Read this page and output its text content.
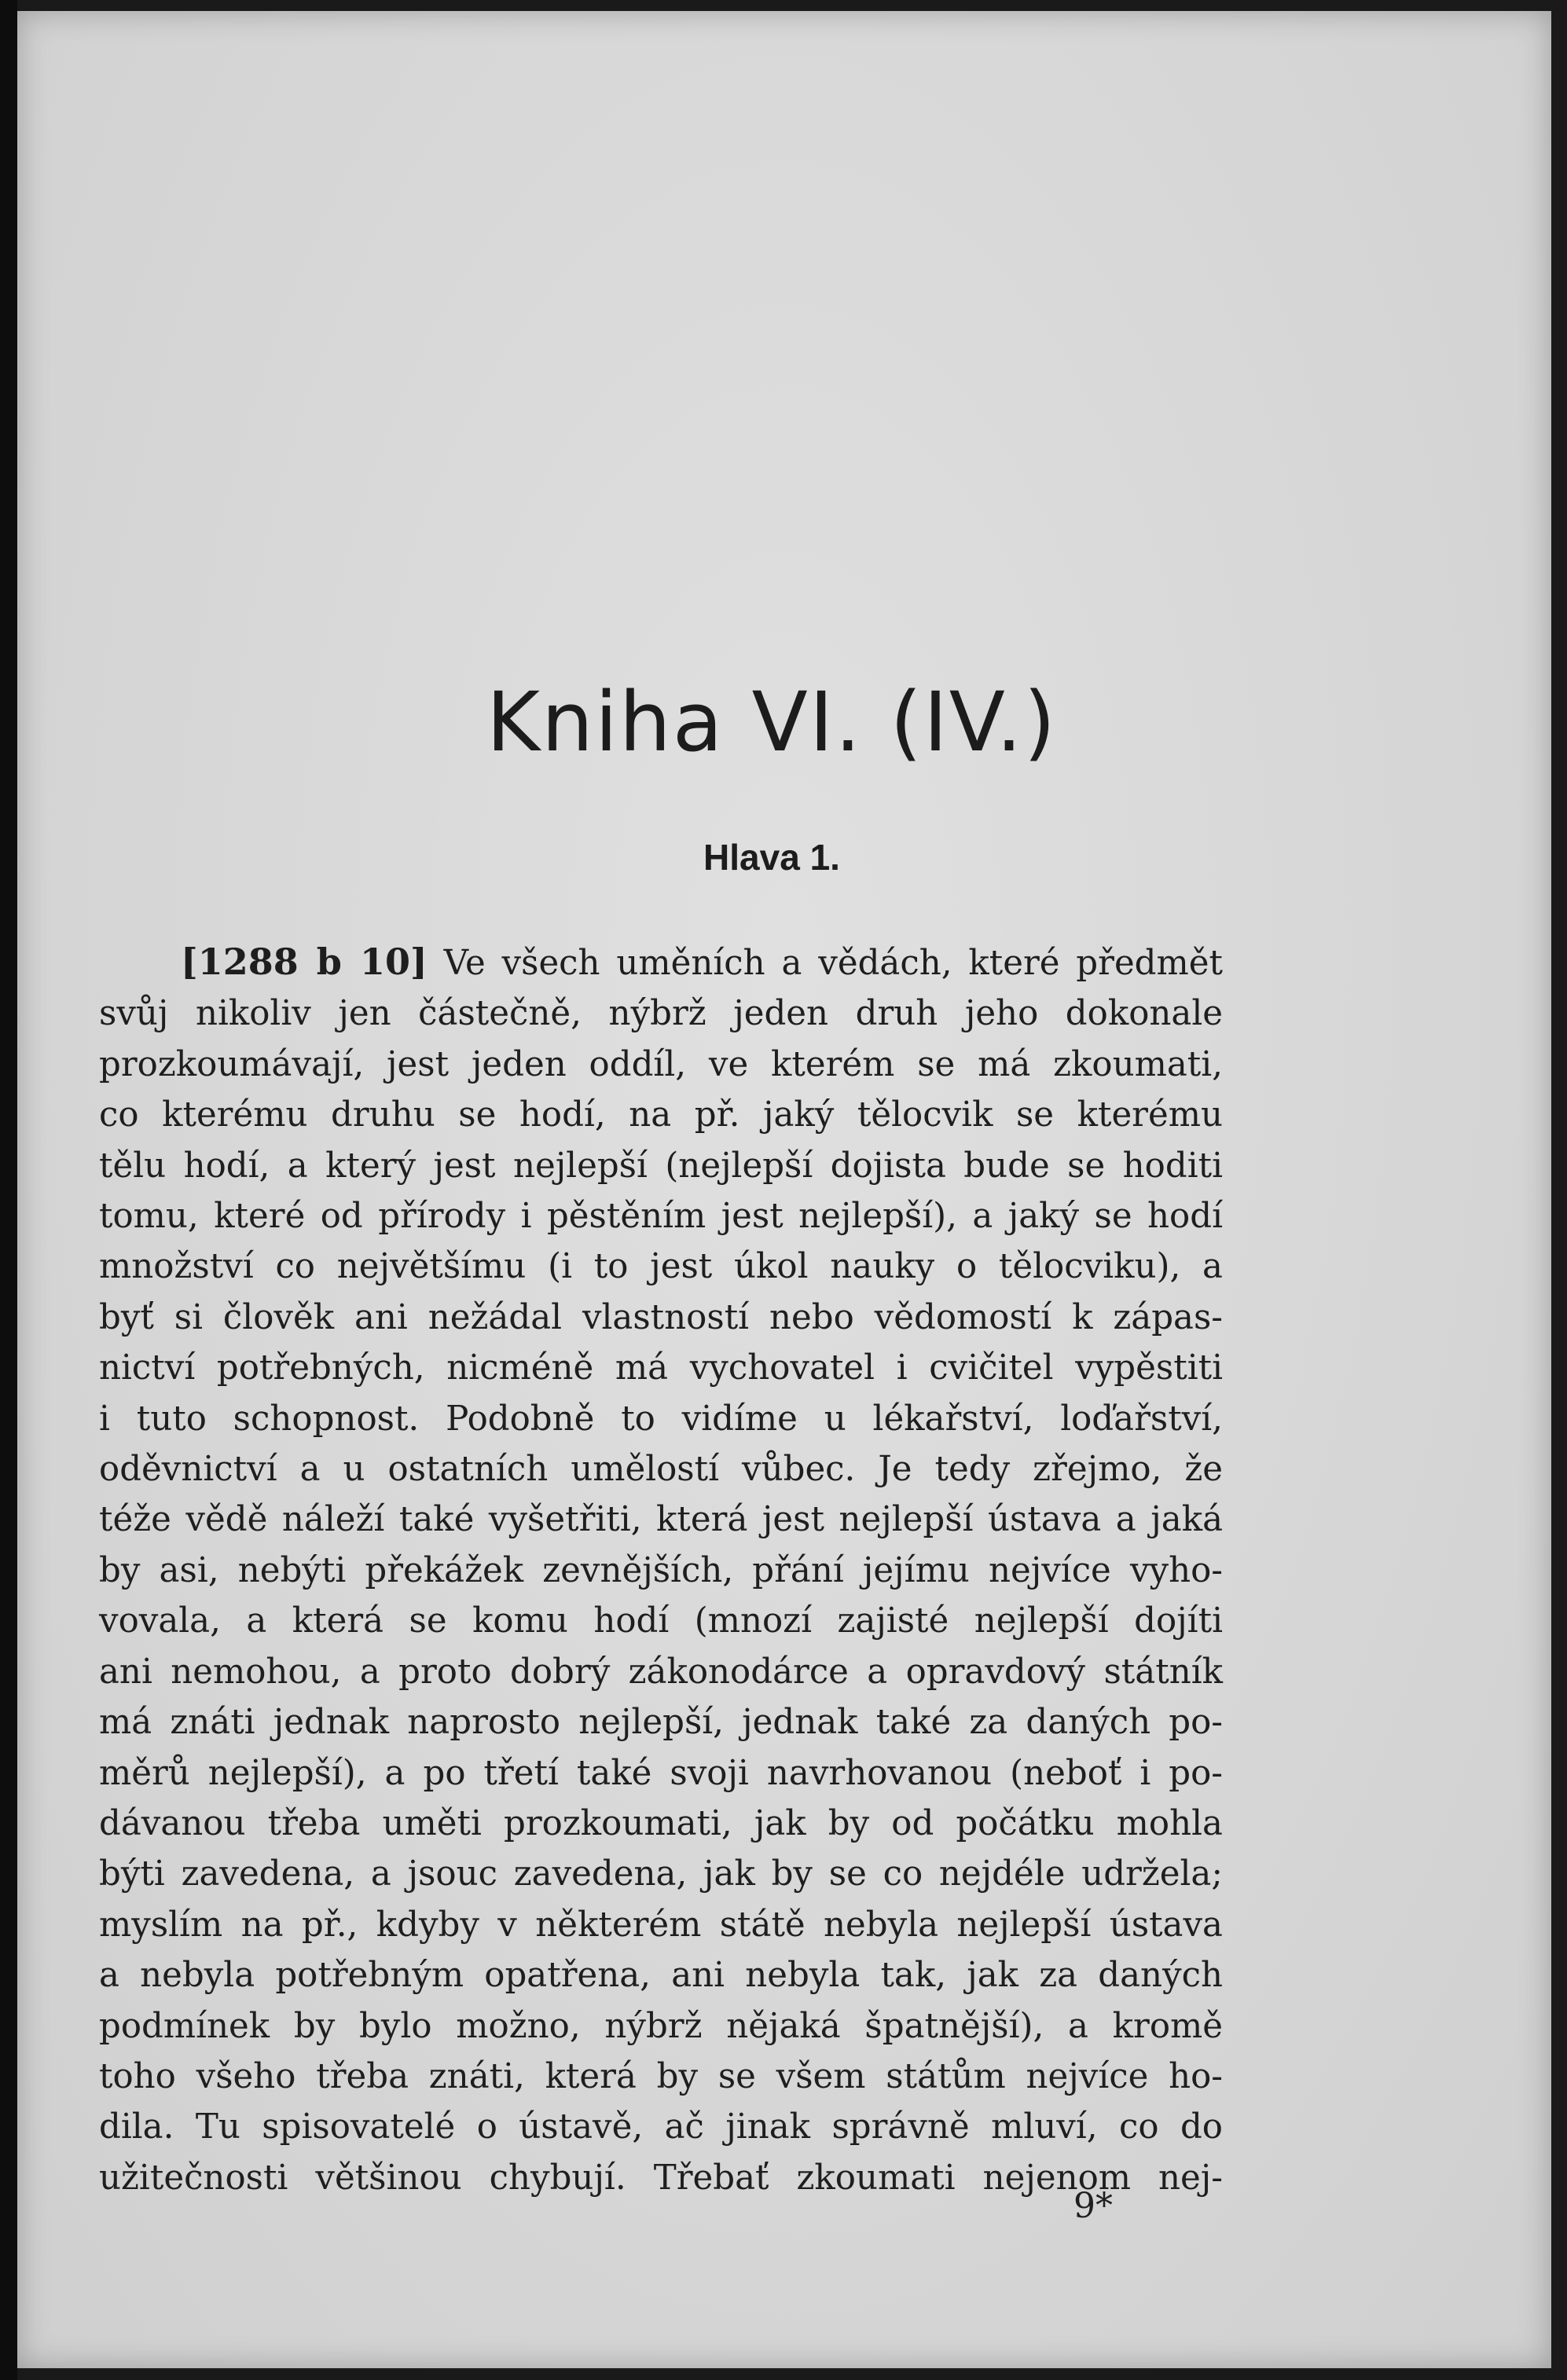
Kniha VI. (IV.)
Hlava 1.
[1288 b 10] Ve všech uměních a vědách, které předmět
svůj nikoliv jen částečně, nýbrž jeden druh jeho dokonale
prozkoumávají, jest jeden oddíl, ve kterém se má zkoumati,
co kterému druhu se hodí, na př. jaký tělocvik se kterému
tělu hodí, a který jest nejlepší (nejlepší dojista bude se hoditi
tomu, které od přírody i pěstěním jest nejlepší), a jaký se hodí
množství co největšímu (i to jest úkol nauky o tělocviku), a
byť si člověk ani nežádal vlastností nebo vědomostí k zápas-
nictví potřebných, nicméně má vychovatel i cvičitel vypěstiti
i tuto schopnost. Podobně to vidíme u lékařství, loďařství,
oděvnictví a u ostatních umělostí vůbec. Je tedy zřejmo, že
téže vědě náleží také vyšetřiti, která jest nejlepší ústava a jaká
by asi, nebýti překážek zevnějších, přání jejímu nejvíce vyho-
vovala, a která se komu hodí (mnozí zajisté nejlepší dojíti
ani nemohou, a proto dobrý zákonodárce a opravdový státník
má znáti jednak naprosto nejlepší, jednak také za daných po-
měrů nejlepší), a po třetí také svoji navrhovanou (neboť i po-
dávanou třeba uměti prozkoumati, jak by od počátku mohla
býti zavedena, a jsouc zavedena, jak by se co nejdéle udržela;
myslím na př., kdyby v některém státě nebyla nejlepší ústava
a nebyla potřebným opatřena, ani nebyla tak, jak za daných
podmínek by bylo možno, nýbrž nějaká špatnější), a kromě
toho všeho třeba znáti, která by se všem státům nejvíce ho-
dila. Tu spisovatelé o ústavě, ač jinak správně mluví, co do
užitečnosti většinou chybují. Třebať zkoumati nejenom nej-
9*
